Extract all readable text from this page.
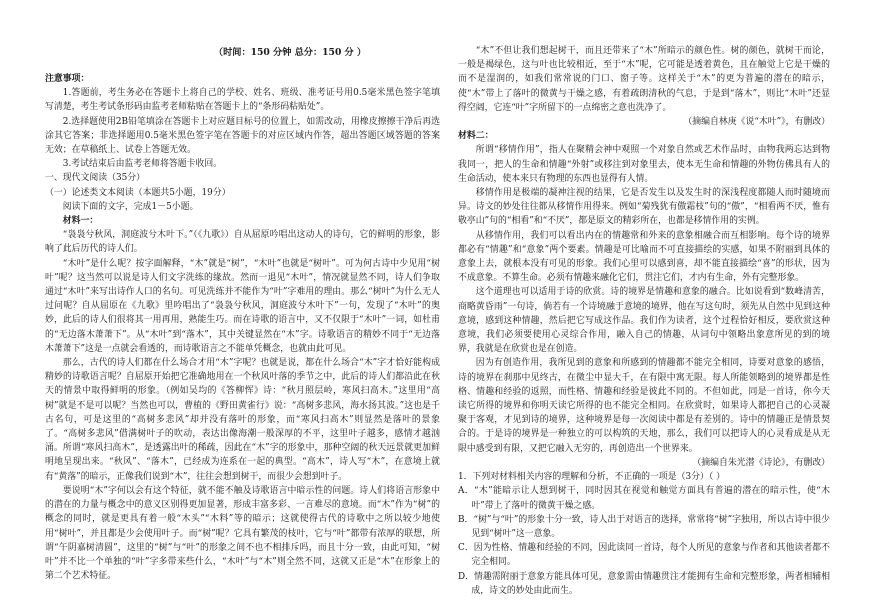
（时间：150 分钟 总分：150 分 ）

注意事项：

1.答题前，考生务必在答题卡上将自己的学校、姓名、班级、准考证号用0.5毫米黑色签字笔填写清楚，考生考试条形码由监考老师粘贴在答题卡上的“条形码粘贴处”。

2.选择题使用2B铅笔填涂在答题卡上对应题目标号的位置上，如需改动，用橡皮擦擦干净后再选涂其它答案；非选择题用0.5毫米黑色签字笔在答题卡的对应区域内作答，超出答题区域答题的答案无效；在草稿纸上、试卷上答题无效。

3.考试结束后由监考老师将答题卡收回。

一、现代文阅读（35分）

（一）论述类文本阅读（本题共5小题，19分）

阅读下面的文字，完成1－5小题。

材料一：

“袅袅兮秋风，洞庭波兮木叶下。”（《九歌》）自从屈原吟唱出这动人的诗句，它的鲜明的形象，影响了此后历代的诗人们。

“木叶”是什么呢？按字面解释，“木”就是“树”，“木叶”也就是“树叶”。可为何古诗中少见用“树叶”呢？这当然可以说是诗人们文字洗练的缘故。然而一退见“木叶”，情况就显然不同，诗人们争取通过“木叶”来写出诗作人口的名句。可见洗练并不能作为“叶”字难用的理由。那么“树叶”为什么无人过问呢？自从屈原在《九歌》里吟唱出了“袅袅兮秋风，洞庭波兮木叶下”一句，发现了“木叶”的奥妙，此后的诗人们很将其一用再用，熟能生巧。而在诗歌的语言中，又不仅限于“木叶”一词，如杜甫的“无边落木萧萧下”。从“木叶”到“落木”，其中关键显然在“木”字。诗歌语言的精妙不同于“无边落木萧萧下”这是一点就会看透的，而诗歌语言之不能单凭概念，也就由此可见。

那么，古代的诗人们都在什么场合才用“木”字呢？也就是说，都在什么场合“木”字才恰好能构成精妙的诗歌语言呢？自屈原开始把它准确地用在一个秋风叶落的季节之中，此后的诗人们都沿此在秋天的情景中取得鲜明的形象。（例如吴均的《答柳恽》诗：“秋月照层岭，寒风扫高木。”这里用“高树”就是不是可以呢？当然也可以，曹植的《野田黄雀行》说：“高树多悲风，海水扬其波。”这也是千古名句，可是这里的“高树多悲风”却并没有落叶的形象，而“寒风扫高木”则显然是落叶的景象了。“高树多悲风”借满树叶子的吹动，表达出像海潮一般深厚的不平，这里叶子越多，感情才越汹涌。所谓“寒风扫高木”，是透露出叶的稀疏，因此在“木”字的形象中，那种空阔的秋天远景就更加鲜明地呈现出来。“秋风”、“落木”，已经成为连系在一起的典型。“高木”，诗人写“木”，在意境上就有“黄落”的暗示，正像我们说到“木”，往往会想到树干，而很少会想到叶子。

要说明“木”字何以会有这个特征，就不能不触及诗歌语言中暗示性的问题。诗人们将语言形象中的潜在的力量与概念中的意义区别得更加显著，形成丰富多彩、一言难尽的意境。而“木”作为“树”的概念的同时，就是更具有着一般“木头”“木料”等的暗示；这就使得古代的诗歌中之所以较少地使用“树叶”，并且都是少会使用叶子。而“树”呢？它具有繁茂的枝叶，它与“叶”都带有浓厚的联想，所谓“午阴嘉树清圆”，这里的“树”与“叶”的形象之间不也不相排斥吗，而且十分一致，由此可知，“树叶”并不比一个单独的“叶”字多带来些什么，“木叶”与“木”则全然不同，这就又正是“木”在形象上的第二个艺术特征。

“木”不但让我们想起树干，而且还带来了“木”所暗示的颜色性。树的颜色，就树干而论，一般是褐绿色，这与叶也比较相近，至于“木”呢，它可能是透着黄色，且在触觉上它是干燥的而不是湿润的，如我们常常说的门口、窗子等。这样关于“木”的更为普遍的潜在的暗示，使“木”带上了落叶的微黄与干燥之感，有着疏朗清秋的气息，于是到“落木”，则比“木叶”还显得空阔，它连“叶”字所留下的一点绵密之意也洗净了。

（摘编自林庚《说“木叶”》，有删改）

材料二：

所谓“移情作用”，指人在聚精会神中观照一个对象自然或艺术作品时，由物我两忘达到物我同一，把人的生命和情趣“外射”或移注到对象里去，使本无生命和情趣的外物仿佛具有人的生命活动，使本来只有物理的东西也显得有人情。

移情作用是极端的凝神注视的结果，它是否发生以及发生时的深浅程度都随人而时随境而异。诗文的妙处往往都从移情作用得来。例如“菊残犹有傲霜枝”句的“傲”，“相看两不厌，惟有敬亭山”句的“相看”和“不厌”，都是原文的精彩所在，也都是移情作用的实例。

从移情作用，我们可以看出内在的情趣常和外来的意象相融合而互相影响。每个诗的境界都必有“情趣”和“意象”两个要素。情趣是可比喻而不可直接描绘的实感，如果不附丽到具体的意象上去，就根本没有可见的形象。我们心里可以感到喜，却不能直接描绘“喜”的形状，因为不成意象。不算生命。必须有情趣来融化它们，贯注它们，才内有生命，外有完整形象。

这个道理也可以适用于诗的欣赏。诗的境界是情趣和意象的融合。比如说看到“数峰清苦，商略黄昏雨”一句诗，倘若有一个诗境融于意境的境界，他在写这句时，须先从自然中见到这种意境，感到这种情趣，然后把它写成这作品。我们作为读者，这个过程恰好相反，要欣赏这种意境，我们必须要使用心灵综合作用，融入自己的情趣，从词句中领略出象意所见的到的境界，我就是在欣赏也是在创造。

因为有创造作用，我所见到的意象和所感到的情趣都不能完全相同，诗要对意象的感悟，诗的境界在刹那中见终古，在微尘中显大千，在有限中寓无限。每人所能领略到的境界都是性格、情趣和经验的返照，而性格、情趣和经验是彼此不同的。不但如此，同是一首诗，你今天读它所得的境界和你明天读它所得的也不能完全相同。在欣赏时，如果诗人都把自己的心灵凝聚于客观，才见到诗的境界，这种境界是每一次阅读中都是有差别的。诗中的情趣正是情景契合的。于是诗的境界是一种独立的可以构筑的天地，那么，我们可以把诗人的心灵看成是从无限中感受到有限，又把它融入无穷的，再创造出一个世界来。

（摘编自朱光潜《诗论》，有删改）

1．下列对材料相关内容的理解和分析，不正确的一项是（3分）（ ）

A．“木”能暗示让人想到树干，同时因其在视觉和触觉方面具有普遍的潜在的暗示性，使“木叶”带上了落叶的微黄干燥之感。

B．“树”与“叶”的形象十分一致，诗人出于对语言的选择，常常将“树”字独用，所以古诗中很少见到“树叶”这一意象。

C．因为性格、情趣和经验的不同，因此读同一首诗，每个人所见的意象与作者和其他读者都不完全相同。

D．情趣需附丽于意象方能具体可见，意象需由情趣贯注才能拥有生命和完整形象，两者相辅相成，诗文的妙处由此而生。
